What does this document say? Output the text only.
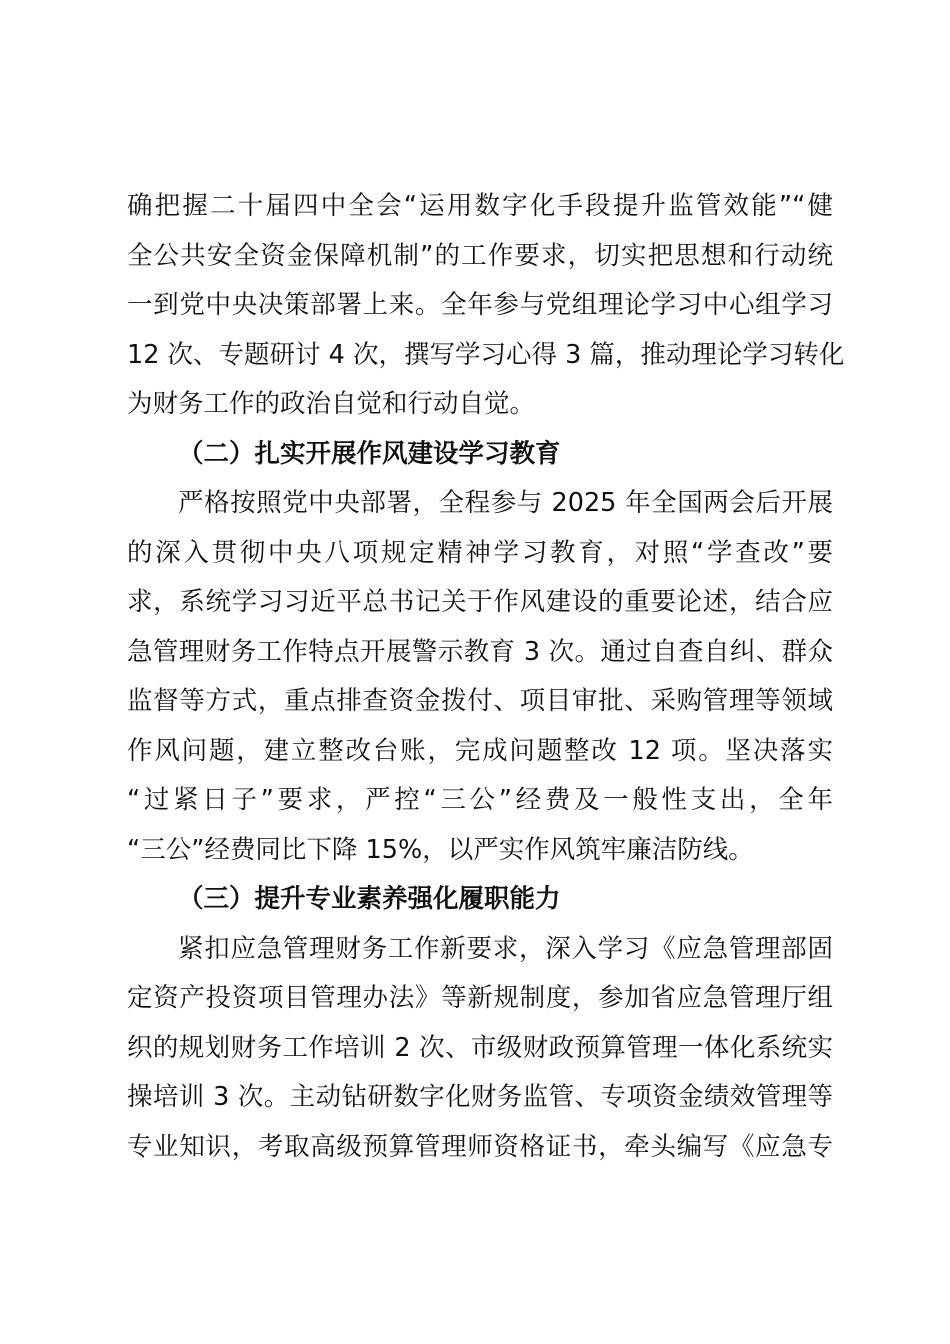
确把握二十届四中全会“运用数字化手段提升监管效能”“健
全公共安全资金保障机制”的工作要求，切实把思想和行动统
一到党中央决策部署上来。全年参与党组理论学习中心组学习
12 次、专题研讨 4 次，撰写学习心得 3 篇，推动理论学习转化
为财务工作的政治自觉和行动自觉。
（二）扎实开展作风建设学习教育
严格按照党中央部署，全程参与 2025 年全国两会后开展
的深入贯彻中央八项规定精神学习教育，对照“学查改”要
求，系统学习习近平总书记关于作风建设的重要论述，结合应
急管理财务工作特点开展警示教育 3 次。通过自查自纠、群众
监督等方式，重点排查资金拨付、项目审批、采购管理等领域
作风问题，建立整改台账，完成问题整改 12 项。坚决落实
“过紧日子”要求，严控“三公”经费及一般性支出，全年
“三公”经费同比下降 15%，以严实作风筑牢廉洁防线。
（三）提升专业素养强化履职能力
紧扣应急管理财务工作新要求，深入学习《应急管理部固
定资产投资项目管理办法》等新规制度，参加省应急管理厅组
织的规划财务工作培训 2 次、市级财政预算管理一体化系统实
操培训 3 次。主动钻研数字化财务监管、专项资金绩效管理等
专业知识，考取高级预算管理师资格证书，牵头编写《应急专
